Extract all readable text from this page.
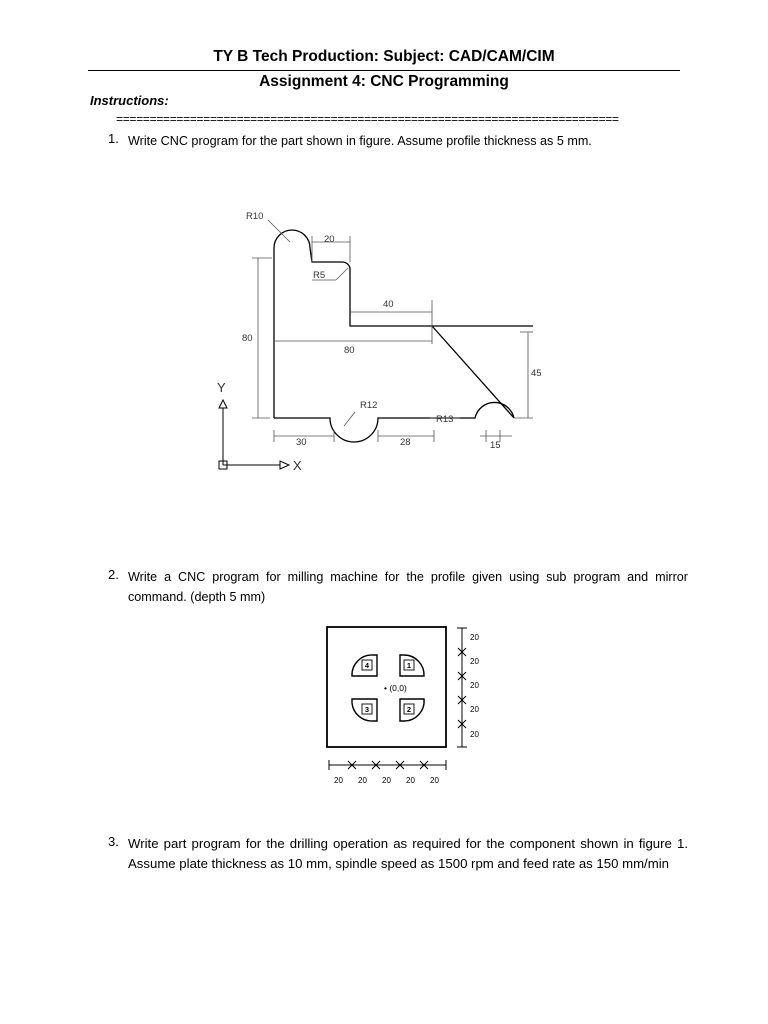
TY B Tech Production: Subject: CAD/CAM/CIM
Assignment 4: CNC Programming
Instructions:
===========================================================================
1. Write CNC program for the part shown in figure. Assume profile thickness as 5 mm.
R10
20
R5
40
80
80
45
R12
R13
30	28	15
Y
X
2. Write a CNC program for milling machine for the profile given using sub program and mirror command. (depth 5 mm)
4	1
3	2
• (0,0)
20
20
20
20
20
20 20 20 20 20
3. Write part program for the drilling operation as required for the component shown in figure 1. Assume plate thickness as 10 mm, spindle speed as 1500 rpm and feed rate as 150 mm/min
